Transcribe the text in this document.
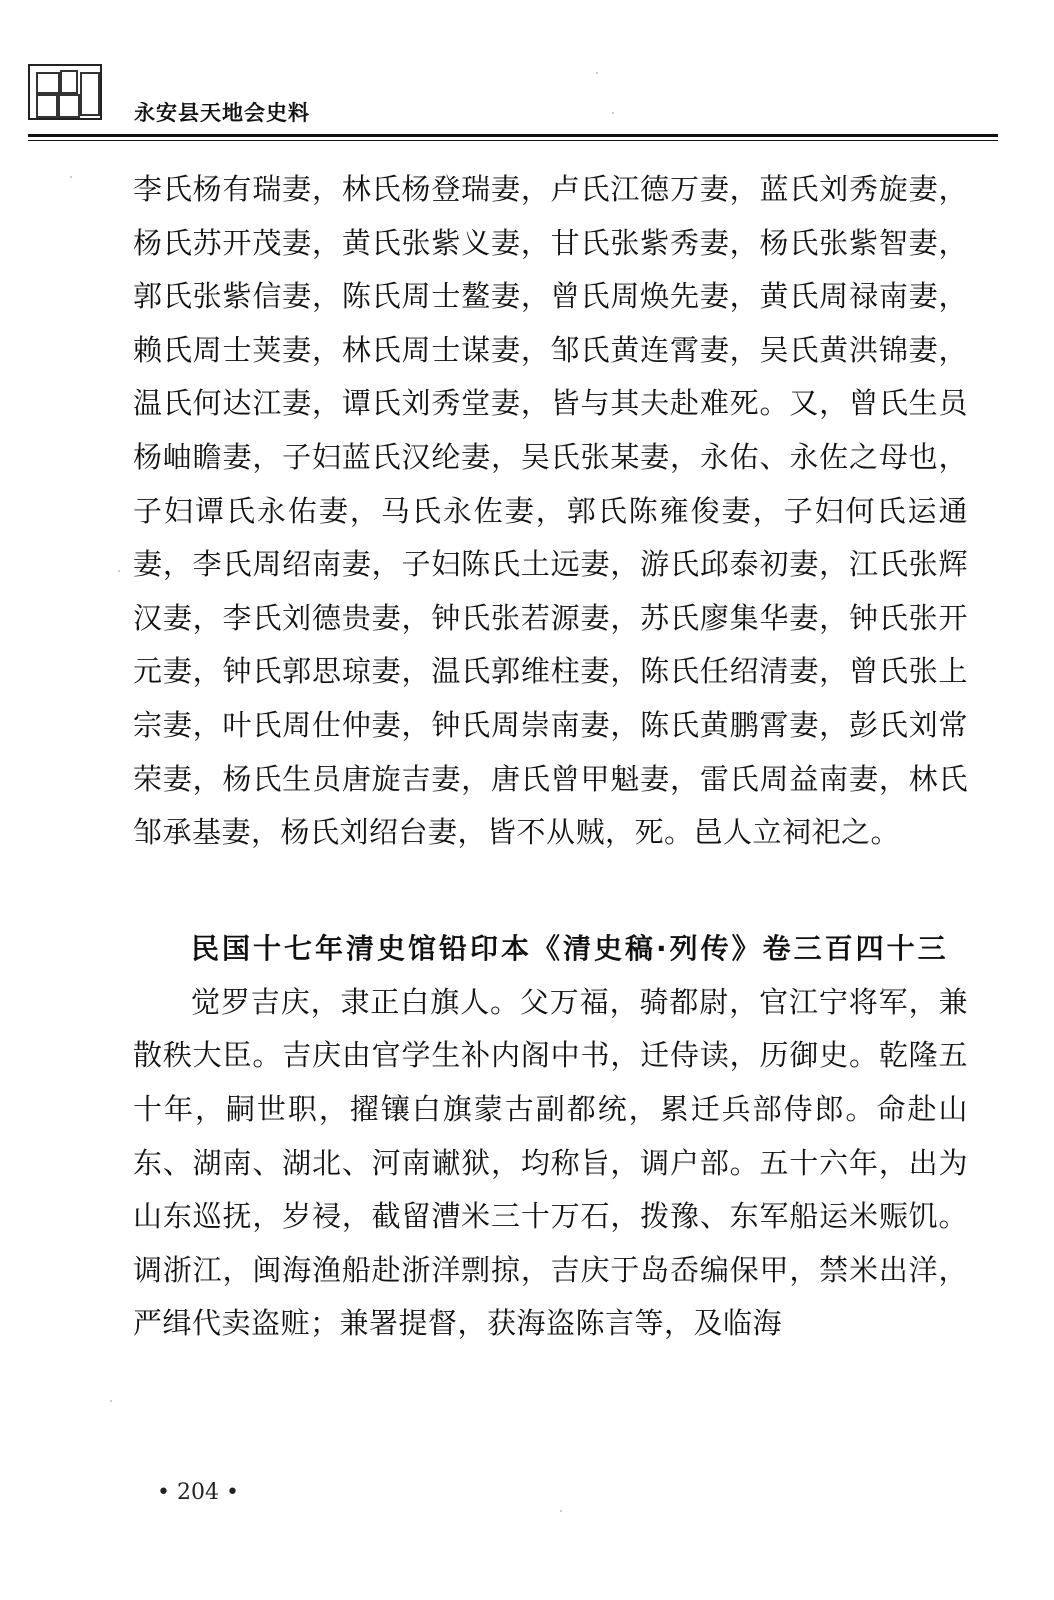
永安县天地会史料

李氏杨有瑞妻，林氏杨登瑞妻，卢氏江德万妻，蓝氏刘秀旋妻，杨氏苏开茂妻，黄氏张紫义妻，甘氏张紫秀妻，杨氏张紫智妻，郭氏张紫信妻，陈氏周士鳌妻，曾氏周焕先妻，黄氏周禄南妻，赖氏周士荚妻，林氏周士谋妻，邹氏黄连霄妻，吴氏黄洪锦妻，温氏何达江妻，谭氏刘秀堂妻，皆与其夫赴难死。又，曾氏生员杨岫瞻妻，子妇蓝氏汉纶妻，吴氏张某妻，永佑、永佐之母也，子妇谭氏永佑妻，马氏永佐妻，郭氏陈雍俊妻，子妇何氏运通妻，李氏周绍南妻，子妇陈氏土远妻，游氏邱泰初妻，江氏张辉汉妻，李氏刘德贵妻，钟氏张若源妻，苏氏廖集华妻，钟氏张开元妻，钟氏郭思琼妻，温氏郭维柱妻，陈氏任绍清妻，曾氏张上宗妻，叶氏周仕仲妻，钟氏周崇南妻，陈氏黄鹏霄妻，彭氏刘常荣妻，杨氏生员唐旋吉妻，唐氏曾甲魁妻，雷氏周益南妻，林氏邹承基妻，杨氏刘绍台妻，皆不从贼，死。邑人立祠祀之。

民国十七年清史馆铅印本《清史稿·列传》卷三百四十三

觉罗吉庆，隶正白旗人。父万福，骑都尉，官江宁将军，兼散秩大臣。吉庆由官学生补内阁中书，迁侍读，历御史。乾隆五十年，嗣世职，擢镶白旗蒙古副都统，累迁兵部侍郎。命赴山东、湖南、湖北、河南谳狱，均称旨，调户部。五十六年，出为山东巡抚，岁祲，截留漕米三十万石，拨豫、东军船运米赈饥。调浙江，闽海渔船赴浙洋剽掠，吉庆于岛岙编保甲，禁米出洋，严缉代卖盗赃；兼署提督，获海盗陈言等，及临海

• 204 •
